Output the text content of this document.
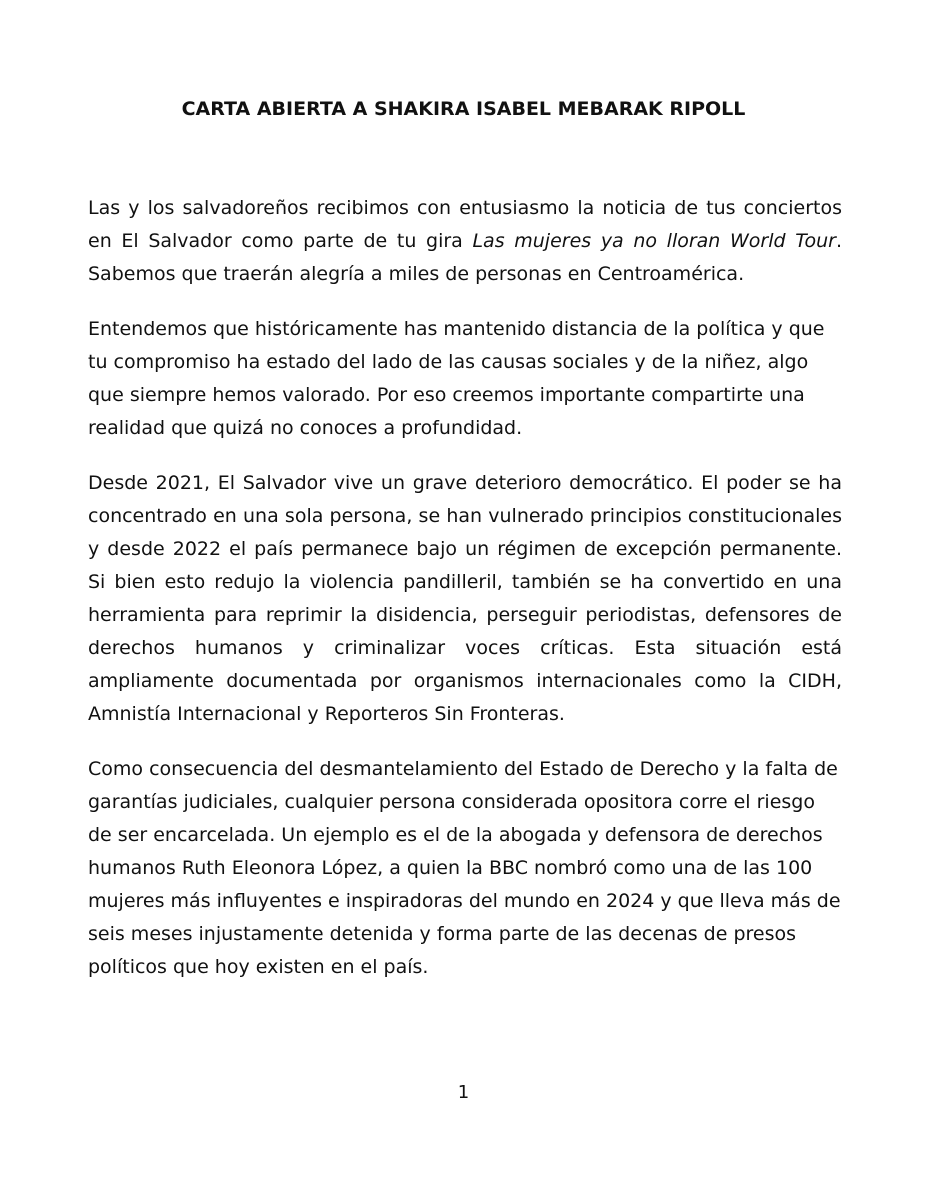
CARTA ABIERTA A SHAKIRA ISABEL MEBARAK RIPOLL

Las y los salvadoreños recibimos con entusiasmo la noticia de tus conciertos en El Salvador como parte de tu gira Las mujeres ya no lloran World Tour. Sabemos que traerán alegría a miles de personas en Centroamérica.

Entendemos que históricamente has mantenido distancia de la política y que tu compromiso ha estado del lado de las causas sociales y de la niñez, algo que siempre hemos valorado. Por eso creemos importante compartirte una realidad que quizá no conoces a profundidad.

Desde 2021, El Salvador vive un grave deterioro democrático. El poder se ha concentrado en una sola persona, se han vulnerado principios constitucionales y desde 2022 el país permanece bajo un régimen de excepción permanente. Si bien esto redujo la violencia pandilleril, también se ha convertido en una herramienta para reprimir la disidencia, perseguir periodistas, defensores de derechos humanos y criminalizar voces críticas. Esta situación está ampliamente documentada por organismos internacionales como la CIDH, Amnistía Internacional y Reporteros Sin Fronteras.

Como consecuencia del desmantelamiento del Estado de Derecho y la falta de garantías judiciales, cualquier persona considerada opositora corre el riesgo de ser encarcelada. Un ejemplo es el de la abogada y defensora de derechos humanos Ruth Eleonora López, a quien la BBC nombró como una de las 100 mujeres más influyentes e inspiradoras del mundo en 2024 y que lleva más de seis meses injustamente detenida y forma parte de las decenas de presos políticos que hoy existen en el país.

1
